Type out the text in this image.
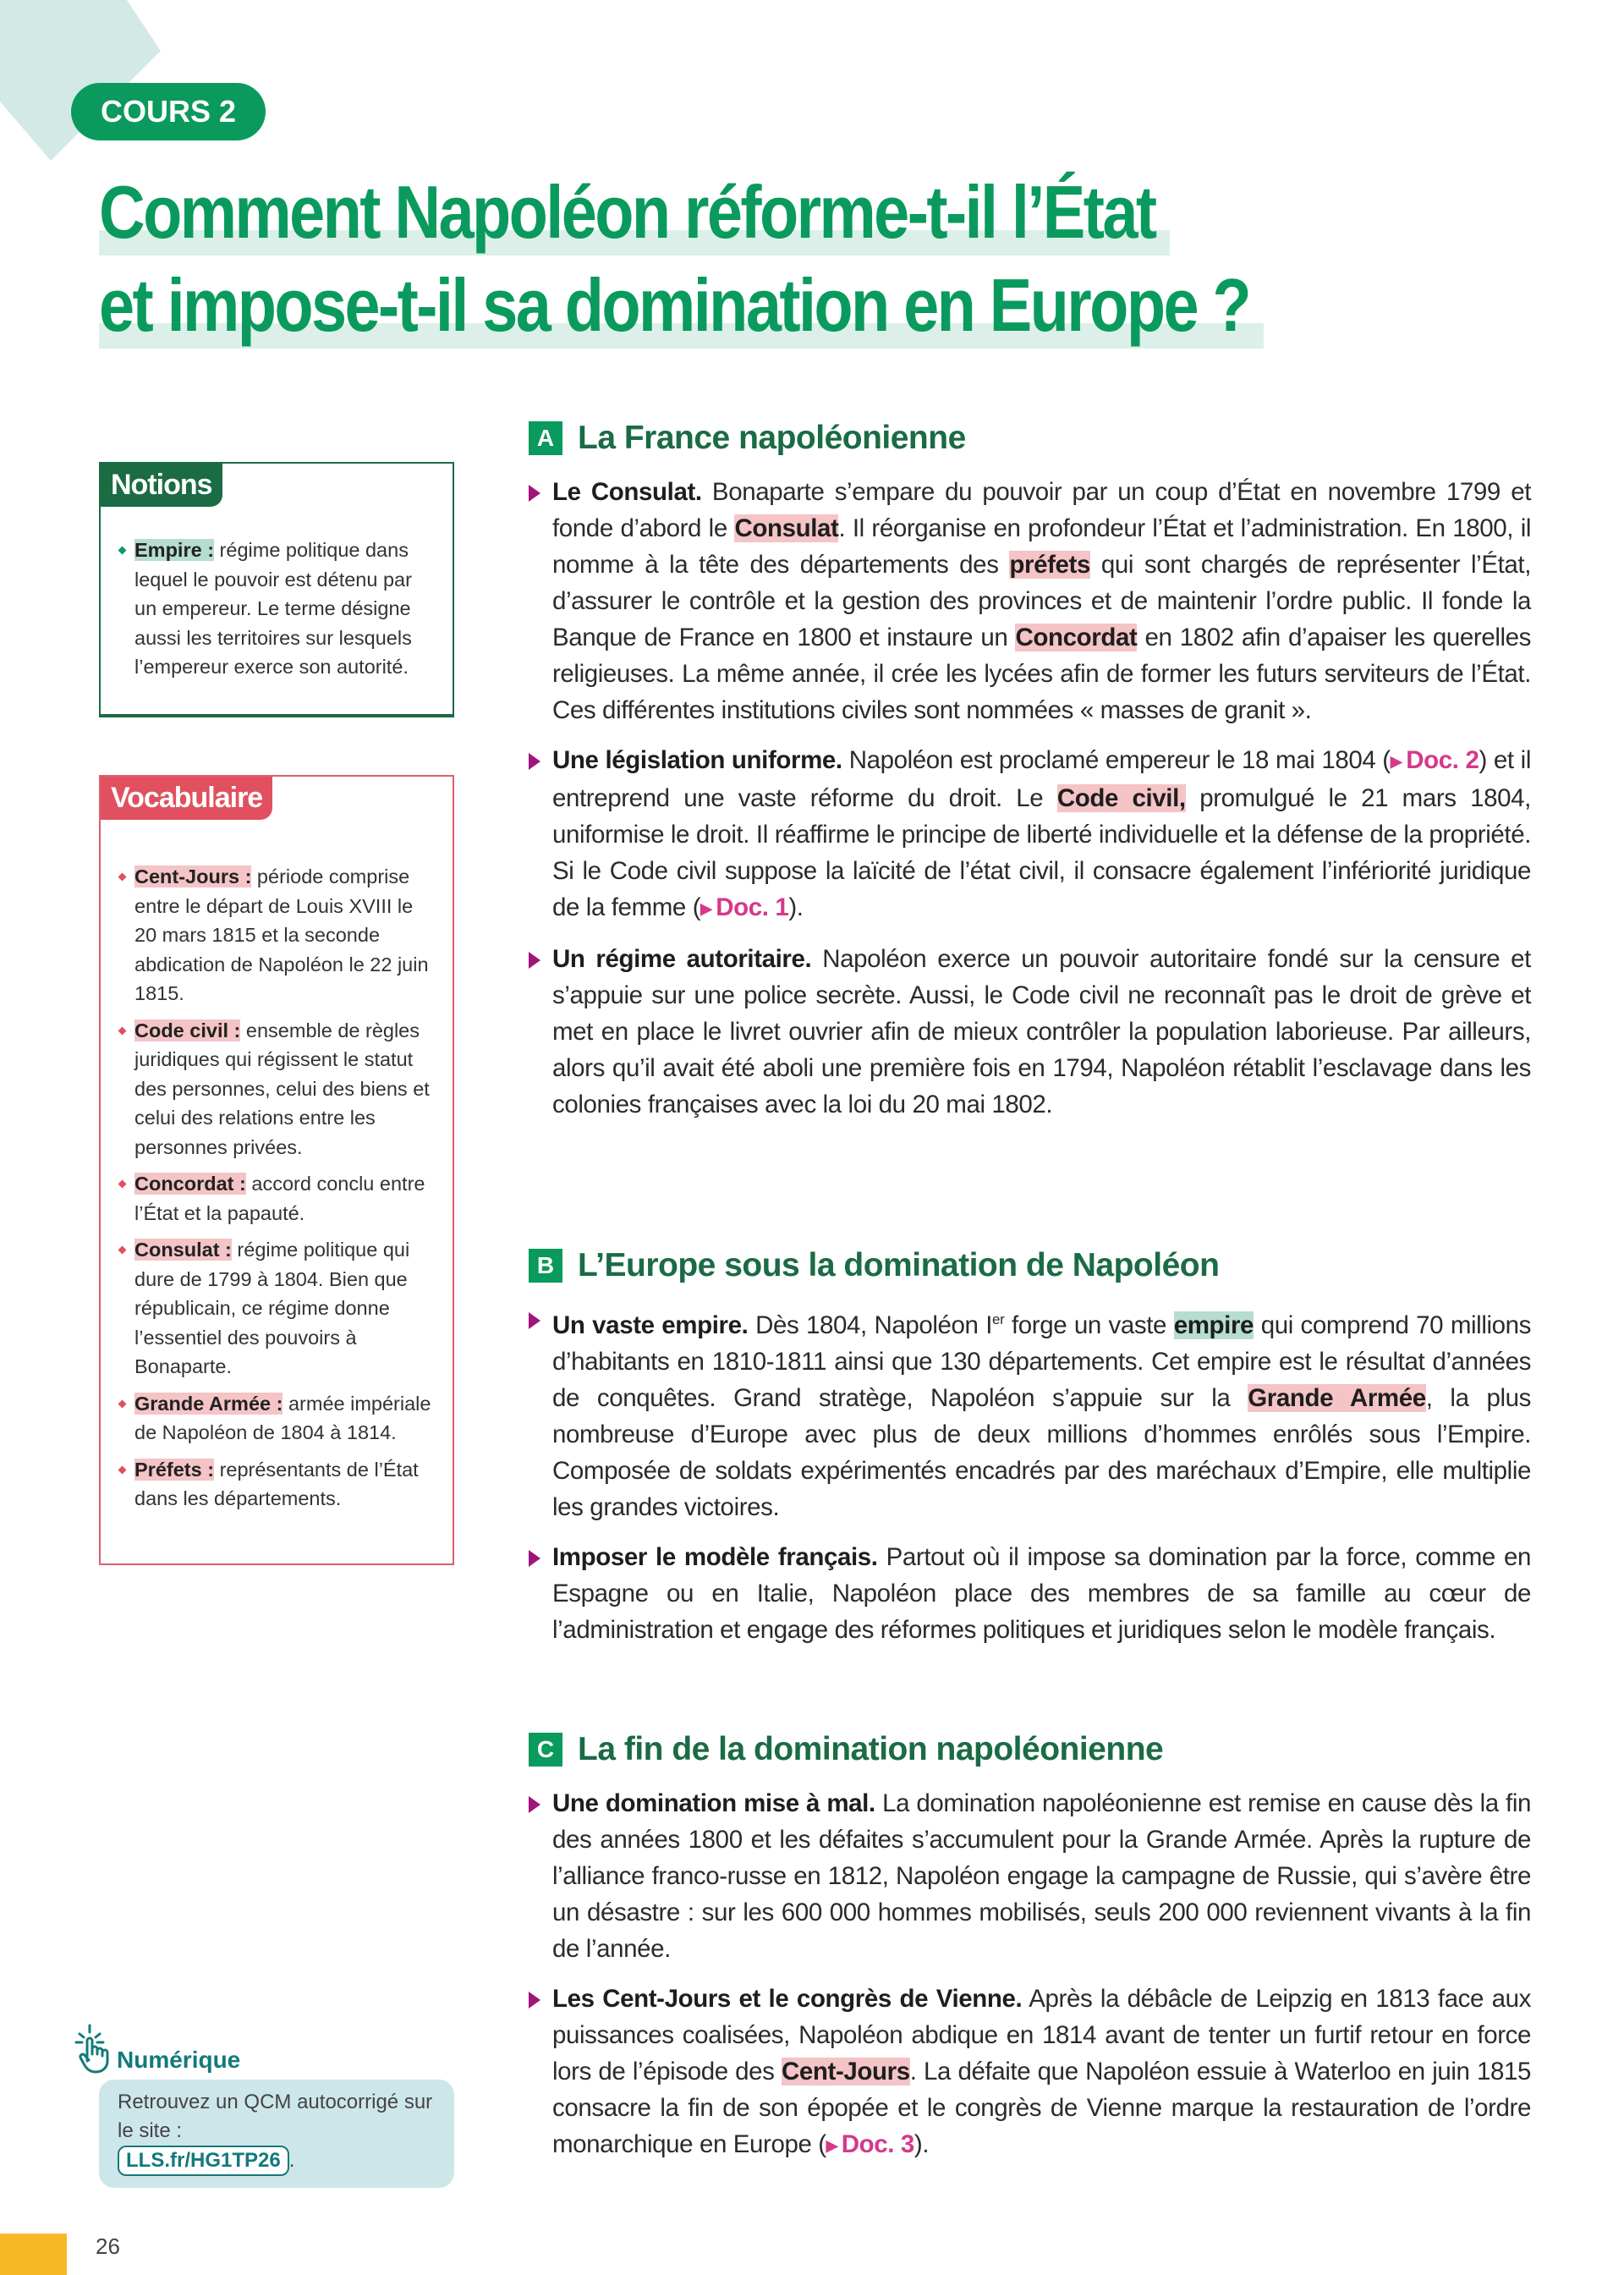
COURS 2
Comment Napoléon réforme-t-il l’État
et impose-t-il sa domination en Europe ?
Notions
Empire : régime politique dans lequel le pouvoir est détenu par un empereur. Le terme désigne aussi les territoires sur lesquels l’empereur exerce son autorité.
Vocabulaire
Cent-Jours : période comprise entre le départ de Louis XVIII le 20 mars 1815 et la seconde abdication de Napoléon le 22 juin 1815.
Code civil : ensemble de règles juridiques qui régissent le statut des personnes, celui des biens et celui des relations entre les personnes privées.
Concordat : accord conclu entre l’État et la papauté.
Consulat : régime politique qui dure de 1799 à 1804. Bien que républicain, ce régime donne l’essentiel des pouvoirs à Bonaparte.
Grande Armée : armée impériale de Napoléon de 1804 à 1814.
Préfets : représentants de l’État dans les départements.
Numérique
Retrouvez un QCM autocorrigé sur le site :
LLS.fr/HG1TP26 .
26
A La France napoléonienne

Le Consulat. Bonaparte s’empare du pouvoir par un coup d’État en novembre 1799 et fonde d’abord le Consulat. Il réorganise en profondeur l’État et l’administration. En 1800, il nomme à la tête des départements des préfets qui sont chargés de représenter l’État, d’assurer le contrôle et la gestion des provinces et de maintenir l’ordre public. Il fonde la Banque de France en 1800 et instaure un Concordat en 1802 afin d’apaiser les querelles religieuses. La même année, il crée les lycées afin de former les futurs serviteurs de l’État. Ces différentes institutions civiles sont nommées « masses de granit ».

Une législation uniforme. Napoléon est proclamé empereur le 18 mai 1804 ( ▶ Doc. 2) et il entreprend une vaste réforme du droit. Le Code civil, promulgué le 21 mars 1804, uniformise le droit. Il réaffirme le principe de liberté individuelle et la défense de la propriété. Si le Code civil suppose la laïcité de l’état civil, il consacre également l’infériorité juridique de la femme ( ▶ Doc. 1).

Un régime autoritaire. Napoléon exerce un pouvoir autoritaire fondé sur la censure et s’appuie sur une police secrète. Aussi, le Code civil ne reconnaît pas le droit de grève et met en place le livret ouvrier afin de mieux contrôler la population laborieuse. Par ailleurs, alors qu’il avait été aboli une première fois en 1794, Napoléon rétablit l’esclavage dans les colonies françaises avec la loi du 20 mai 1802.

B L’Europe sous la domination de Napoléon

Un vaste empire. Dès 1804, Napoléon Ier forge un vaste empire qui comprend 70 millions d’habitants en 1810-1811 ainsi que 130 départements. Cet empire est le résultat d’années de conquêtes. Grand stratège, Napoléon s’appuie sur la Grande Armée, la plus nombreuse d’Europe avec plus de deux millions d’hommes enrôlés sous l’Empire. Composée de soldats expérimentés encadrés par des maréchaux d’Empire, elle multiplie les grandes victoires.

Imposer le modèle français. Partout où il impose sa domination par la force, comme en Espagne ou en Italie, Napoléon place des membres de sa famille au cœur de l’administration et engage des réformes politiques et juridiques selon le modèle français.

C La fin de la domination napoléonienne

Une domination mise à mal. La domination napoléonienne est remise en cause dès la fin des années 1800 et les défaites s’accumulent pour la Grande Armée. Après la rupture de l’alliance franco-russe en 1812, Napoléon engage la campagne de Russie, qui s’avère être un désastre : sur les 600 000 hommes mobilisés, seuls 200 000 reviennent vivants à la fin de l’année.

Les Cent-Jours et le congrès de Vienne. Après la débâcle de Leipzig en 1813 face aux puissances coalisées, Napoléon abdique en 1814 avant de tenter un furtif retour en force lors de l’épisode des Cent-Jours. La défaite que Napoléon essuie à Waterloo en juin 1815 consacre la fin de son épopée et le congrès de Vienne marque la restauration de l’ordre monarchique en Europe ( ▶ Doc. 3).
